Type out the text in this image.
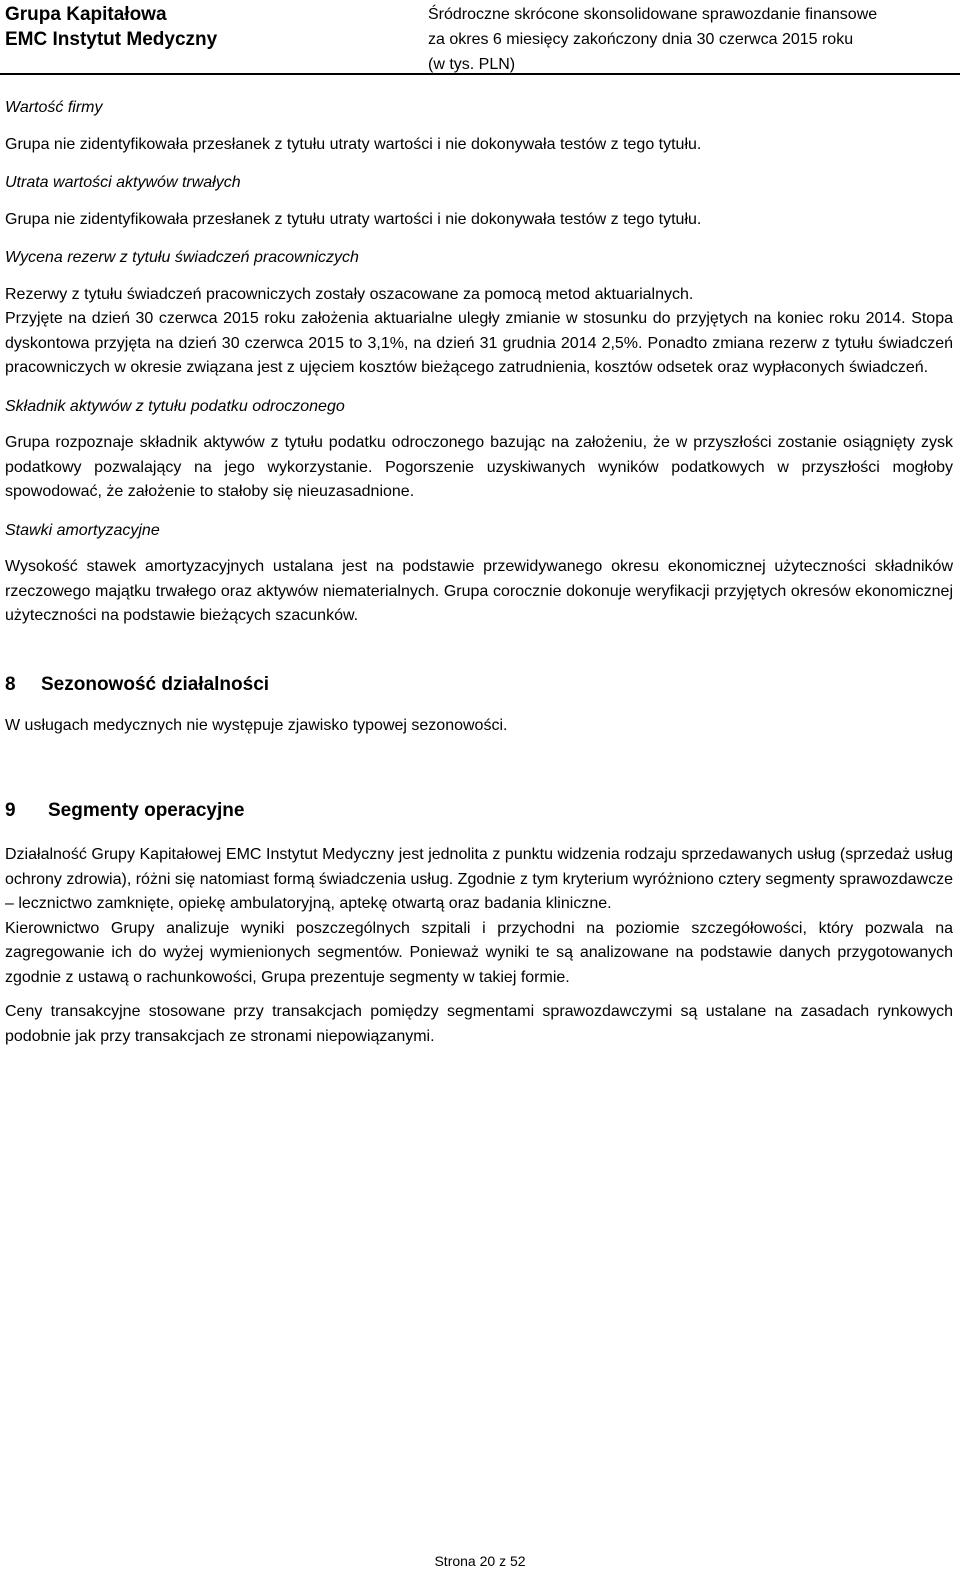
Grupa Kapitałowa
EMC Instytut Medyczny
Śródroczne skrócone skonsolidowane sprawozdanie finansowe
za okres 6 miesięcy zakończony dnia 30 czerwca 2015 roku
(w tys. PLN)

Wartość firmy

Grupa nie zidentyfikowała przesłanek z tytułu utraty wartości i nie dokonywała testów z tego tytułu.

Utrata wartości aktywów trwałych

Grupa nie zidentyfikowała przesłanek z tytułu utraty wartości i nie dokonywała testów z tego tytułu.

Wycena rezerw z tytułu świadczeń pracowniczych

Rezerwy z tytułu świadczeń pracowniczych zostały oszacowane za pomocą metod aktuarialnych.

Przyjęte na dzień 30 czerwca 2015 roku założenia aktuarialne uległy zmianie w stosunku do przyjętych na koniec roku 2014. Stopa dyskontowa przyjęta na dzień 30 czerwca 2015 to 3,1%, na dzień 31 grudnia 2014 2,5%. Ponadto zmiana rezerw z tytułu świadczeń pracowniczych w okresie związana jest z ujęciem kosztów bieżącego zatrudnienia, kosztów odsetek oraz wypłaconych świadczeń.

Składnik aktywów z tytułu podatku odroczonego

Grupa rozpoznaje składnik aktywów z tytułu podatku odroczonego bazując na założeniu, że w przyszłości zostanie osiągnięty zysk podatkowy pozwalający na jego wykorzystanie. Pogorszenie uzyskiwanych wyników podatkowych w przyszłości mogłoby spowodować, że założenie to stałoby się nieuzasadnione.

Stawki amortyzacyjne

Wysokość stawek amortyzacyjnych ustalana jest na podstawie przewidywanego okresu ekonomicznej użyteczności składników rzeczowego majątku trwałego oraz aktywów niematerialnych. Grupa corocznie dokonuje weryfikacji przyjętych okresów ekonomicznej użyteczności na podstawie bieżących szacunków.

8 Sezonowość działalności

W usługach medycznych nie występuje zjawisko typowej sezonowości.

9 Segmenty operacyjne

Działalność Grupy Kapitałowej EMC Instytut Medyczny jest jednolita z punktu widzenia rodzaju sprzedawanych usług (sprzedaż usług ochrony zdrowia), różni się natomiast formą świadczenia usług. Zgodnie z tym kryterium wyróżniono cztery segmenty sprawozdawcze – lecznictwo zamknięte, opiekę ambulatoryjną, aptekę otwartą oraz badania kliniczne.

Kierownictwo Grupy analizuje wyniki poszczególnych szpitali i przychodni na poziomie szczegółowości, który pozwala na zagregowanie ich do wyżej wymienionych segmentów. Ponieważ wyniki te są analizowane na podstawie danych przygotowanych zgodnie z ustawą o rachunkowości, Grupa prezentuje segmenty w takiej formie.

Ceny transakcyjne stosowane przy transakcjach pomiędzy segmentami sprawozdawczymi są ustalane na zasadach rynkowych podobnie jak przy transakcjach ze stronami niepowiązanymi.

Strona 20 z 52
